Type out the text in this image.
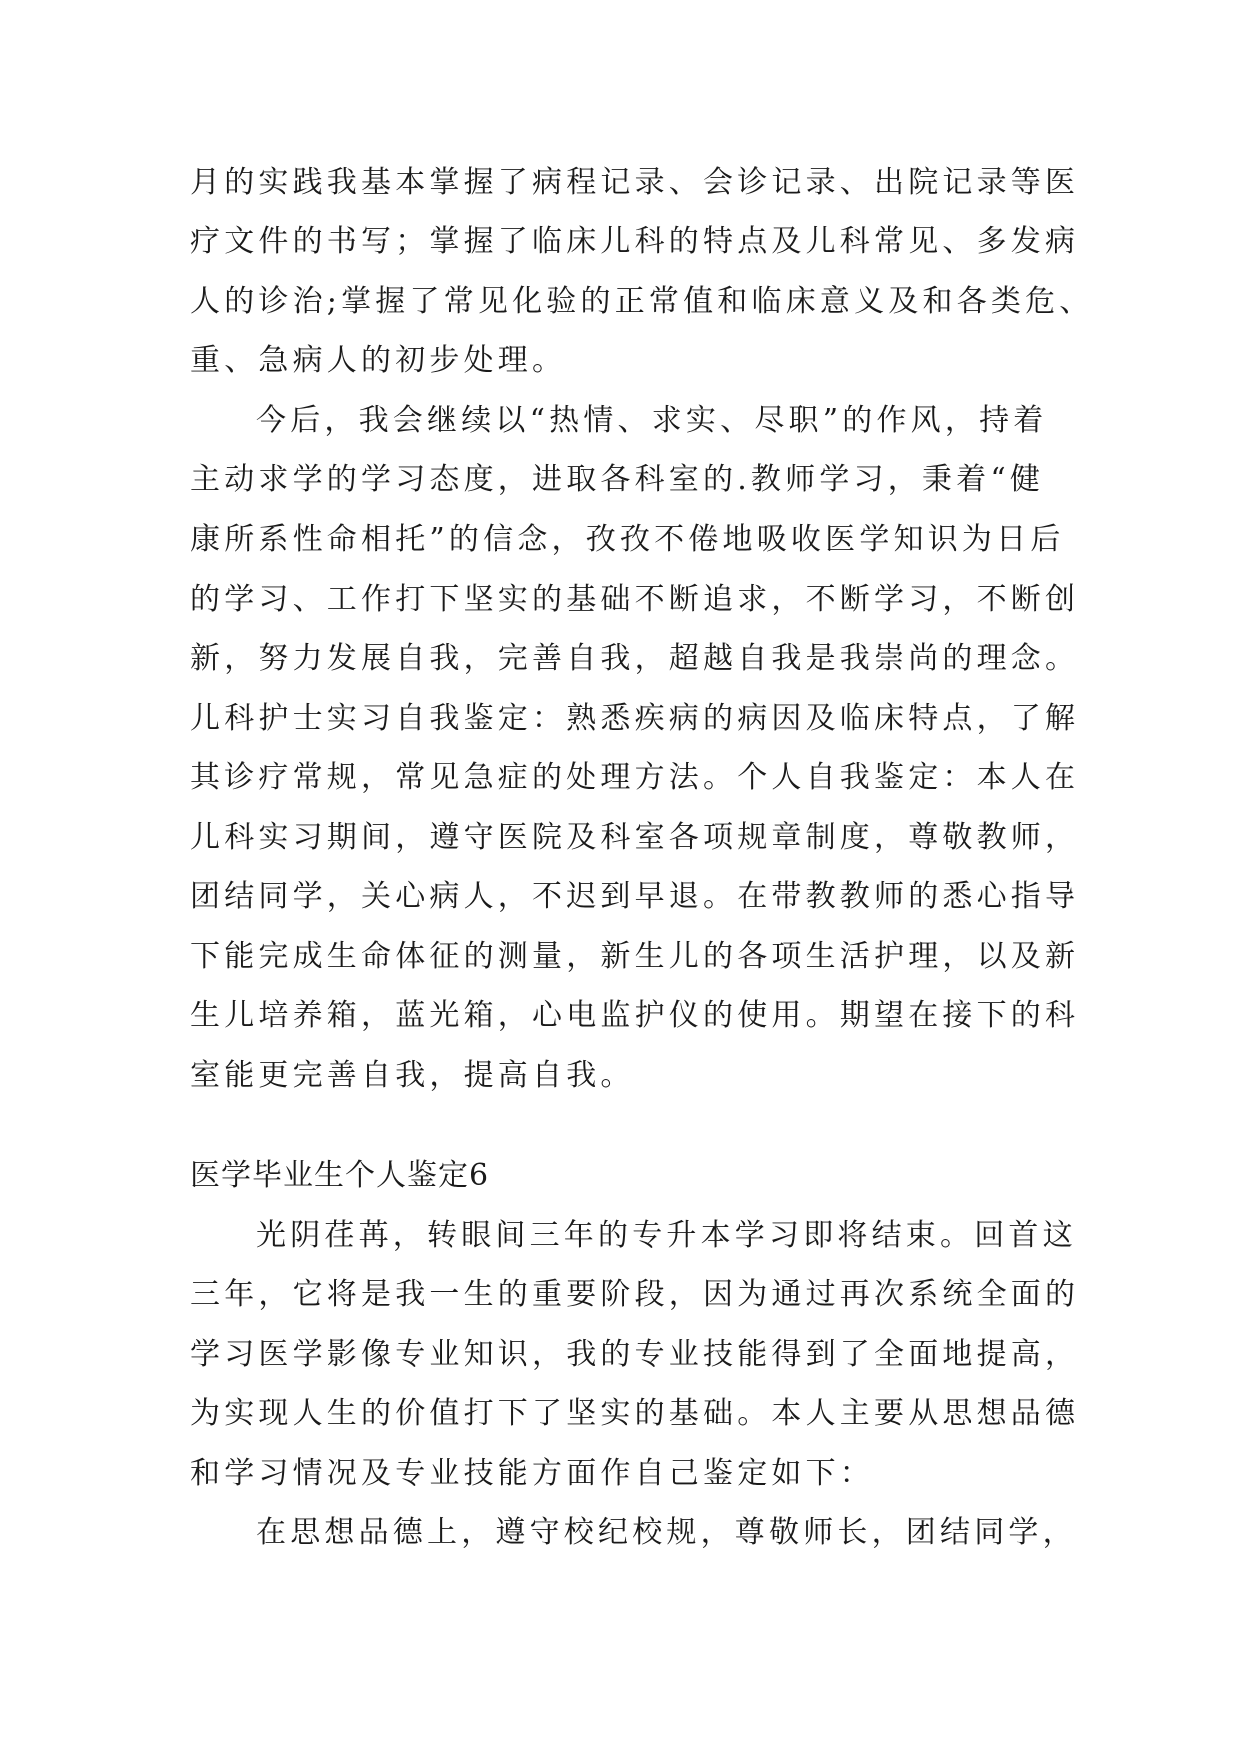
月的实践我基本掌握了病程记录、会诊记录、出院记录等医
疗文件的书写；掌握了临床儿科的特点及儿科常见、多发病
人的诊治;掌握了常见化验的正常值和临床意义及和各类危、
重、急病人的初步处理。
今后，我会继续以“热情、求实、尽职”的作风，持着
主动求学的学习态度，进取各科室的.教师学习，秉着“健
康所系性命相托”的信念，孜孜不倦地吸收医学知识为日后
的学习、工作打下坚实的基础不断追求，不断学习，不断创
新，努力发展自我，完善自我，超越自我是我崇尚的理念。
儿科护士实习自我鉴定：熟悉疾病的病因及临床特点，了解
其诊疗常规，常见急症的处理方法。个人自我鉴定：本人在
儿科实习期间，遵守医院及科室各项规章制度，尊敬教师，
团结同学，关心病人，不迟到早退。在带教教师的悉心指导
下能完成生命体征的测量，新生儿的各项生活护理，以及新
生儿培养箱，蓝光箱，心电监护仪的使用。期望在接下的科
室能更完善自我，提高自我。
医学毕业生个人鉴定6
光阴荏苒，转眼间三年的专升本学习即将结束。回首这
三年，它将是我一生的重要阶段，因为通过再次系统全面的
学习医学影像专业知识，我的专业技能得到了全面地提高，
为实现人生的价值打下了坚实的基础。本人主要从思想品德
和学习情况及专业技能方面作自己鉴定如下：
在思想品德上，遵守校纪校规，尊敬师长，团结同学，
